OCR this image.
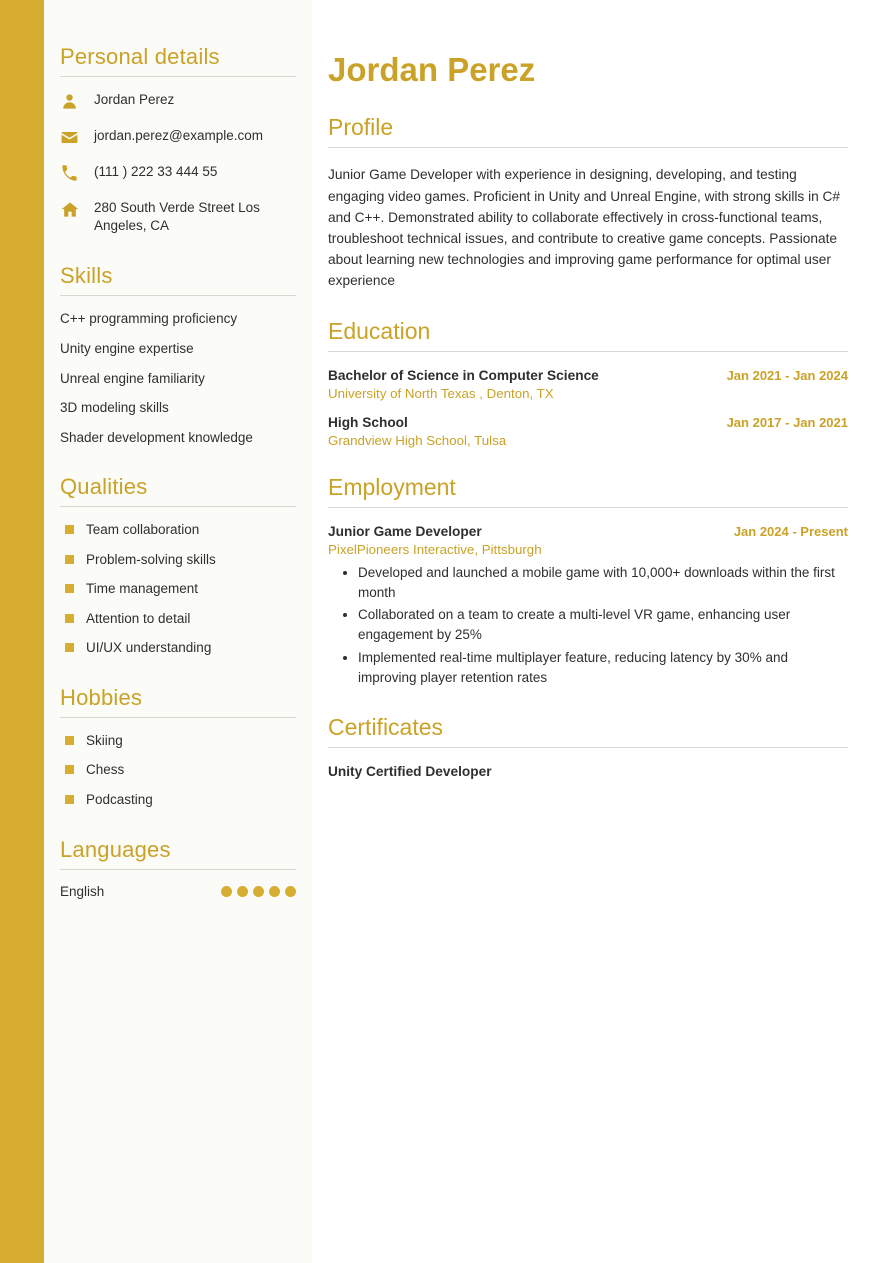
Personal details
Jordan Perez
jordan.perez@example.com
(111 ) 222 33 444 55
280 South Verde Street Los Angeles, CA
Skills
C++ programming proficiency
Unity engine expertise
Unreal engine familiarity
3D modeling skills
Shader development knowledge
Qualities
Team collaboration
Problem-solving skills
Time management
Attention to detail
UI/UX understanding
Hobbies
Skiing
Chess
Podcasting
Languages
English
Jordan Perez
Profile

Junior Game Developer with experience in designing, developing, and testing engaging video games. Proficient in Unity and Unreal Engine, with strong skills in C# and C++. Demonstrated ability to collaborate effectively in cross-functional teams, troubleshoot technical issues, and contribute to creative game concepts. Passionate about learning new technologies and improving game performance for optimal user experience

Education
Bachelor of Science in Computer Science	Jan 2021 - Jan 2024
University of North Texas , Denton, TX
High School	Jan 2017 - Jan 2021
Grandview High School, Tulsa
Employment
Junior Game Developer	Jan 2024 - Present
PixelPioneers Interactive, Pittsburgh
• Developed and launched a mobile game with 10,000+ downloads within the first month
• Collaborated on a team to create a multi-level VR game, enhancing user engagement by 25%
• Implemented real-time multiplayer feature, reducing latency by 30% and improving player retention rates
Certificates
Unity Certified Developer
